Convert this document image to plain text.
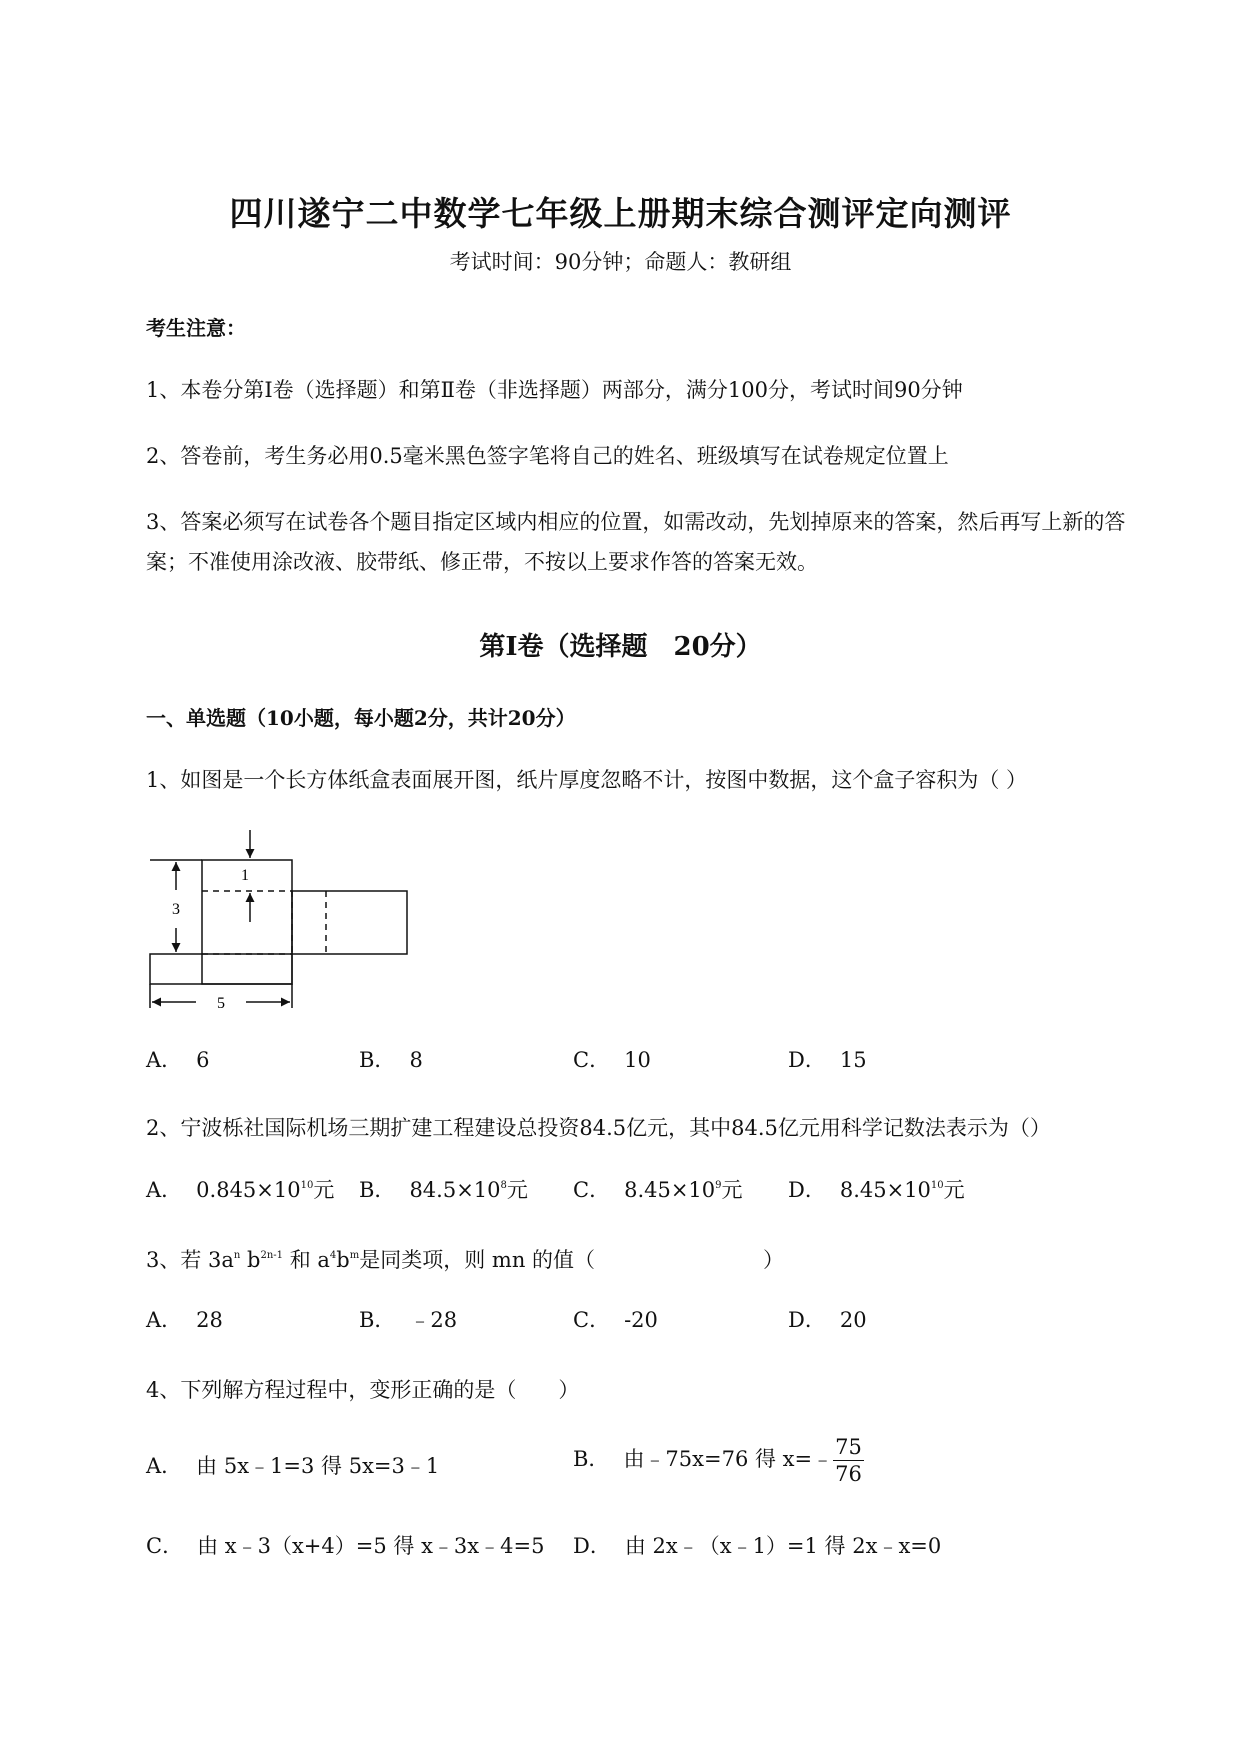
四川遂宁二中数学七年级上册期末综合测评定向测评
考试时间：90分钟；命题人：教研组
考生注意：
1、本卷分第I卷（选择题）和第Ⅱ卷（非选择题）两部分，满分100分，考试时间90分钟
2、答卷前，考生务必用0.5毫米黑色签字笔将自己的姓名、班级填写在试卷规定位置上
3、答案必须写在试卷各个题目指定区域内相应的位置，如需改动，先划掉原来的答案，然后再写上新的答案；不准使用涂改液、胶带纸、修正带，不按以上要求作答的答案无效。
第I卷（选择题　20分）
一、单选题（10小题，每小题2分，共计20分）
1、如图是一个长方体纸盒表面展开图，纸片厚度忽略不计，按图中数据，这个盒子容积为（ ）
3
1
5
A． 6	B． 8	C． 10	D． 15
2、宁波栎社国际机场三期扩建工程建设总投资84.5亿元，其中84.5亿元用科学记数法表示为（）
A． $0.845\times 10^{10}$元 B． $84.5\times 10^8$元 C． $8.45\times 10^9$元 D． $8.45\times 10^{10}$元
3、若 $3a^n$ $b^{2n-1}$ 和 $a^4b^m$是同类项，则 mn 的值（　　　　　　　　）
A． 28	B． ﹣28	C． -20	D． 20
4、下列解方程过程中，变形正确的是（　　）
A． 由 5x﹣1=3 得 5x=3﹣1	B． 由﹣75x=76 得 x=﹣ $\frac{75}{76}$
C． 由 x﹣3（x+4）=5 得 x﹣3x﹣4=5 D． 由 2x﹣（x﹣1）=1 得 2x﹣x=0
